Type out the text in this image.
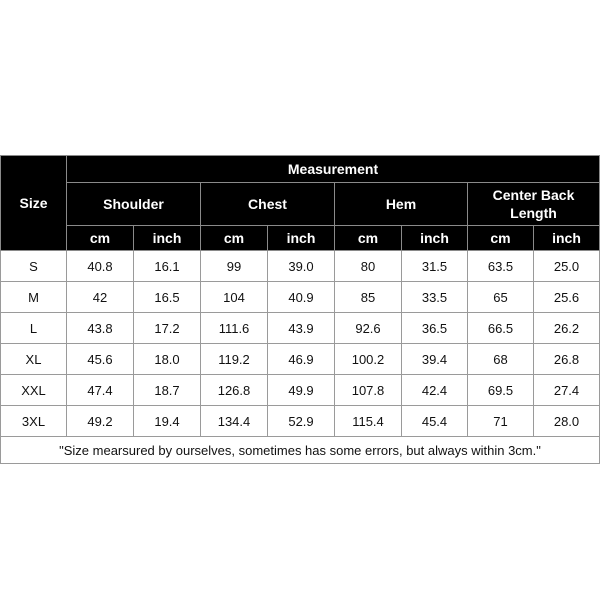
Size	Measurement							
	Shoulder		Chest		Hem		Center Back Length	
	cm	inch	cm	inch	cm	inch	cm	inch
S	40.8	16.1	99	39.0	80	31.5	63.5	25.0
M	42	16.5	104	40.9	85	33.5	65	25.6
L	43.8	17.2	111.6	43.9	92.6	36.5	66.5	26.2
XL	45.6	18.0	119.2	46.9	100.2	39.4	68	26.8
XXL	47.4	18.7	126.8	49.9	107.8	42.4	69.5	27.4
3XL	49.2	19.4	134.4	52.9	115.4	45.4	71	28.0
"Size mearsured by ourselves, sometimes has some errors, but always within 3cm."								
